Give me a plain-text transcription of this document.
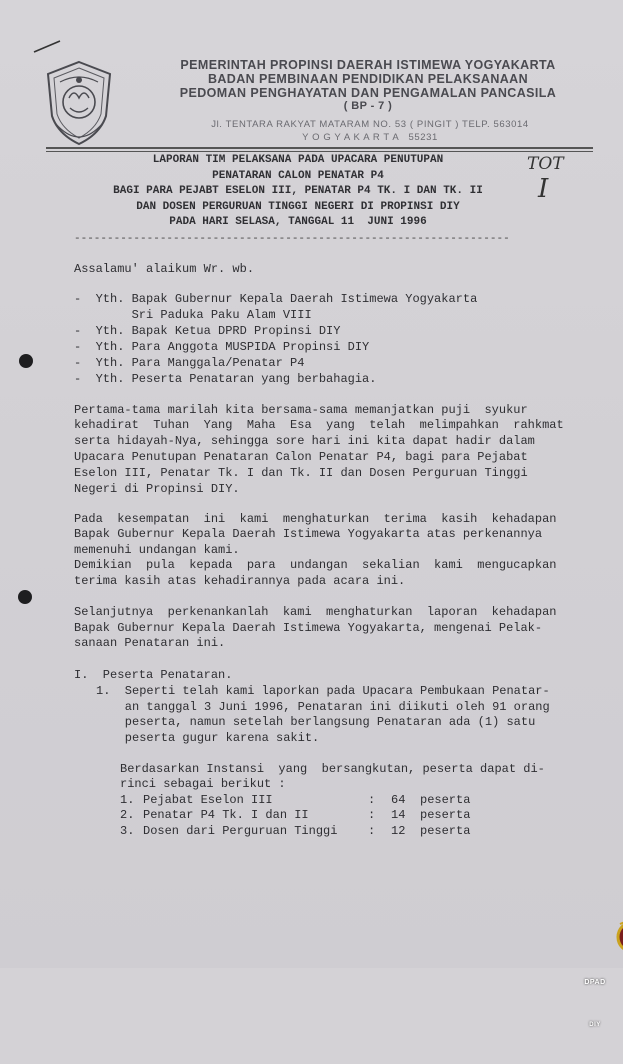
PEMERINTAH PROPINSI DAERAH ISTIMEWA YOGYAKARTA
BADAN PEMBINAAN PENDIDIKAN PELAKSANAAN
PEDOMAN PENGHAYATAN DAN PENGAMALAN PANCASILA
( BP - 7 )
Jl. TENTARA RAKYAT MATARAM NO. 53 ( PINGIT ) TELP. 563014
Y O G Y A K A R T A   55231
LAPORAN TIM PELAKSANA PADA UPACARA PENUTUPAN
PENATARAN CALON PENATAR P4
BAGI PARA PEJABT ESELON III, PENATAR P4 TK. I DAN TK. II
DAN DOSEN PERGURUAN TINGGI NEGERI DI PROPINSI DIY
PADA HARI SELASA, TANGGAL 11  JUNI 1996
TOT
I
------------------------------------------------------------------
Assalamu' alaikum Wr. wb.
-  Yth. Bapak Gubernur Kepala Daerah Istimewa Yogyakarta
Sri Paduka Paku Alam VIII
-  Yth. Bapak Ketua DPRD Propinsi DIY
-  Yth. Para Anggota MUSPIDA Propinsi DIY
-  Yth. Para Manggala/Penatar P4
-  Yth. Peserta Penataran yang berbahagia.
Pertama-tama marilah kita bersama-sama memanjatkan puji  syukur
kehadirat  Tuhan  Yang  Maha  Esa  yang  telah  melimpahkan  rahkmat
serta hidayah-Nya, sehingga sore hari ini kita dapat hadir dalam
Upacara Penutupan Penataran Calon Penatar P4, bagi para Pejabat
Eselon III, Penatar Tk. I dan Tk. II dan Dosen Perguruan Tinggi
Negeri di Propinsi DIY.
Pada  kesempatan  ini  kami  menghaturkan  terima  kasih  kehadapan
Bapak Gubernur Kepala Daerah Istimewa Yogyakarta atas perkenannya
memenuhi undangan kami.
Demikian  pula  kepada  para  undangan  sekalian  kami  mengucapkan
terima kasih atas kehadirannya pada acara ini.
Selanjutnya  perkenankanlah  kami  menghaturkan  laporan  kehadapan
Bapak Gubernur Kepala Daerah Istimewa Yogyakarta, mengenai Pelak-
sanaan Penataran ini.
I.  Peserta Penataran.
1.  Seperti telah kami laporkan pada Upacara Pembukaan Penatar-
an tanggal 3 Juni 1996, Penataran ini diikuti oleh 91 orang
peserta, namun setelah berlangsung Penataran ada (1) satu
peserta gugur karena sakit.
Berdasarkan Instansi  yang  bersangkutan, peserta dapat di-
rinci sebagai berikut :
1. Pejabat Eselon III	: 64 peserta
2. Penatar P4 Tk. I dan II	: 14 peserta
3. Dosen dari Perguruan Tinggi	: 12 peserta

DPAD

DIY
